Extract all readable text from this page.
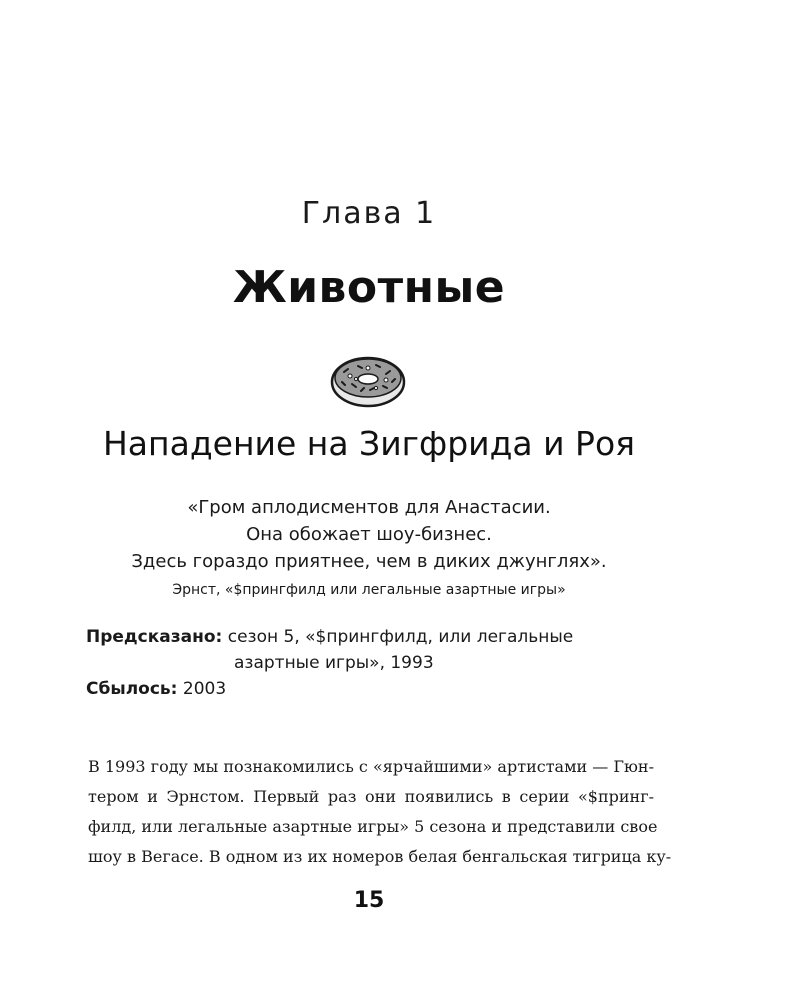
Глава 1
Животные
Нападение на Зигфрида и Роя
«Гром аплодисментов для Анастасии.
Она обожает шоу-бизнес.
Здесь гораздо приятнее, чем в диких джунглях».
Эрнст, «$прингфилд или легальные азартные игры»
Предсказано: сезон 5, «$прингфилд, или легальные
азартные игры», 1993
Сбылось: 2003
В 1993 году мы познакомились с «ярчайшими» артистами — Гюн-
тером и Эрнстом. Первый раз они появились в серии «$принг-
филд, или легальные азартные игры» 5 сезона и представили свое
шоу в Вегасе. В одном из их номеров белая бенгальская тигрица ку-
15
